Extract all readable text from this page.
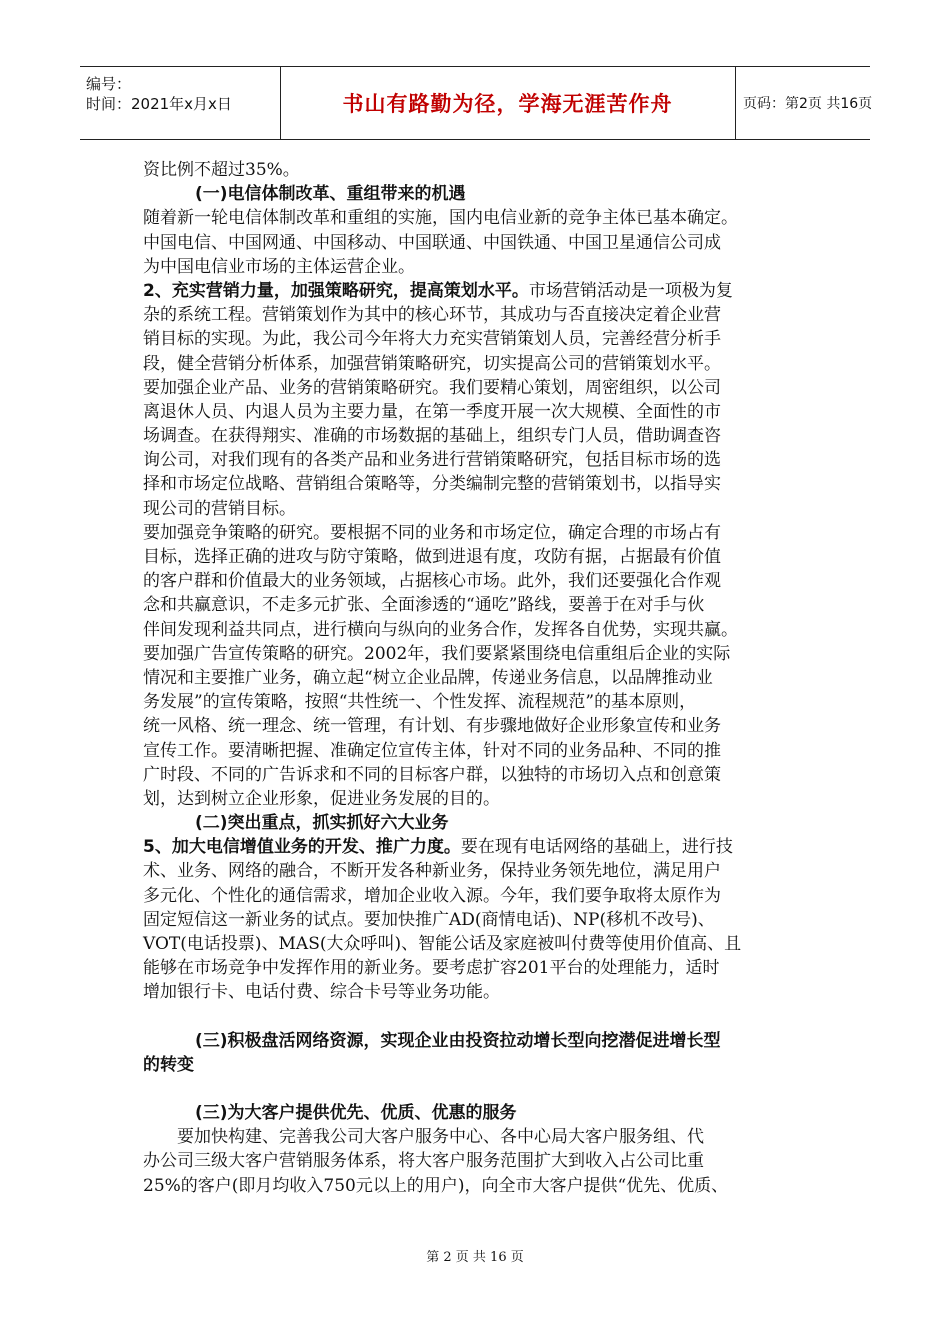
编号：
时间：2021年x月x日	书山有路勤为径，学海无涯苦作舟	页码：第2页 共16页
资比例不超过35%。
(一)电信体制改革、重组带来的机遇
随着新一轮电信体制改革和重组的实施，国内电信业新的竞争主体已基本确定。
中国电信、中国网通、中国移动、中国联通、中国铁通、中国卫星通信公司成
为中国电信业市场的主体运营企业。
2、充实营销力量，加强策略研究，提高策划水平。市场营销活动是一项极为复
杂的系统工程。营销策划作为其中的核心环节，其成功与否直接决定着企业营
销目标的实现。为此，我公司今年将大力充实营销策划人员，完善经营分析手
段，健全营销分析体系，加强营销策略研究，切实提高公司的营销策划水平。
要加强企业产品、业务的营销策略研究。我们要精心策划，周密组织，以公司
离退休人员、内退人员为主要力量，在第一季度开展一次大规模、全面性的市
场调查。在获得翔实、准确的市场数据的基础上，组织专门人员，借助调查咨
询公司，对我们现有的各类产品和业务进行营销策略研究，包括目标市场的选
择和市场定位战略、营销组合策略等，分类编制完整的营销策划书，以指导实
现公司的营销目标。
要加强竞争策略的研究。要根据不同的业务和市场定位，确定合理的市场占有
目标，选择正确的进攻与防守策略，做到进退有度，攻防有据，占据最有价值
的客户群和价值最大的业务领域，占据核心市场。此外，我们还要强化合作观
念和共赢意识，不走多元扩张、全面渗透的“通吃”路线，要善于在对手与伙
伴间发现利益共同点，进行横向与纵向的业务合作，发挥各自优势，实现共赢。
要加强广告宣传策略的研究。2002年，我们要紧紧围绕电信重组后企业的实际
情况和主要推广业务，确立起“树立企业品牌，传递业务信息，以品牌推动业
务发展”的宣传策略，按照“共性统一、个性发挥、流程规范”的基本原则，
统一风格、统一理念、统一管理，有计划、有步骤地做好企业形象宣传和业务
宣传工作。要清晰把握、准确定位宣传主体，针对不同的业务品种、不同的推
广时段、不同的广告诉求和不同的目标客户群，以独特的市场切入点和创意策
划，达到树立企业形象，促进业务发展的目的。
(二)突出重点，抓实抓好六大业务
5、加大电信增值业务的开发、推广力度。要在现有电话网络的基础上，进行技
术、业务、网络的融合，不断开发各种新业务，保持业务领先地位，满足用户
多元化、个性化的通信需求，增加企业收入源。今年，我们要争取将太原作为
固定短信这一新业务的试点。要加快推广AD(商情电话)、NP(移机不改号)、
VOT(电话投票)、MAS(大众呼叫)、智能公话及家庭被叫付费等使用价值高、且
能够在市场竞争中发挥作用的新业务。要考虑扩容201平台的处理能力，适时
增加银行卡、电话付费、综合卡号等业务功能。
(三)积极盘活网络资源，实现企业由投资拉动增长型向挖潜促进增长型
的转变
(三)为大客户提供优先、优质、优惠的服务
要加快构建、完善我公司大客户服务中心、各中心局大客户服务组、代
办公司三级大客户营销服务体系，将大客户服务范围扩大到收入占公司比重
25%的客户(即月均收入750元以上的用户)，向全市大客户提供“优先、优质、
第 2 页 共 16 页
